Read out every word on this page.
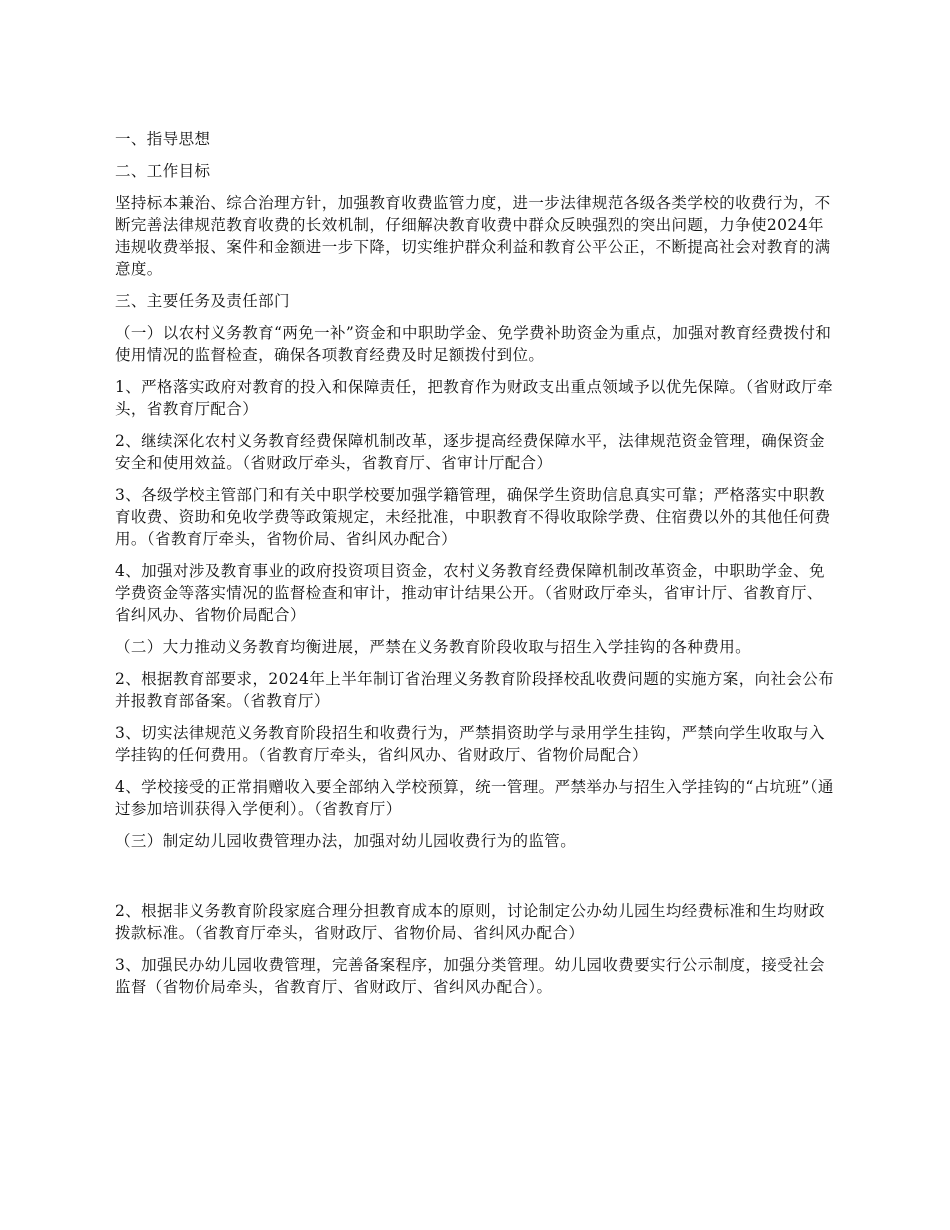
一、指导思想

二、工作目标

坚持标本兼治、综合治理方针，加强教育收费监管力度，进一步法律规范各级各类学校的收费行为，不断完善法律规范教育收费的长效机制，仔细解决教育收费中群众反映强烈的突出问题，力争使2024年违规收费举报、案件和金额进一步下降，切实维护群众利益和教育公平公正，不断提高社会对教育的满意度。

三、主要任务及责任部门

（一）以农村义务教育“两免一补”资金和中职助学金、免学费补助资金为重点，加强对教育经费拨付和使用情况的监督检查，确保各项教育经费及时足额拨付到位。

1、严格落实政府对教育的投入和保障责任，把教育作为财政支出重点领域予以优先保障。（省财政厅牵头，省教育厅配合）

2、继续深化农村义务教育经费保障机制改革，逐步提高经费保障水平，法律规范资金管理，确保资金安全和使用效益。（省财政厅牵头，省教育厅、省审计厅配合）

3、各级学校主管部门和有关中职学校要加强学籍管理，确保学生资助信息真实可靠；严格落实中职教育收费、资助和免收学费等政策规定，未经批准，中职教育不得收取除学费、住宿费以外的其他任何费用。（省教育厅牵头，省物价局、省纠风办配合）

4、加强对涉及教育事业的政府投资项目资金，农村义务教育经费保障机制改革资金，中职助学金、免学费资金等落实情况的监督检查和审计，推动审计结果公开。（省财政厅牵头，省审计厅、省教育厅、省纠风办、省物价局配合）

（二）大力推动义务教育均衡进展，严禁在义务教育阶段收取与招生入学挂钩的各种费用。

2、根据教育部要求，2024年上半年制订省治理义务教育阶段择校乱收费问题的实施方案，向社会公布并报教育部备案。（省教育厅）

3、切实法律规范义务教育阶段招生和收费行为，严禁捐资助学与录用学生挂钩，严禁向学生收取与入学挂钩的任何费用。（省教育厅牵头，省纠风办、省财政厅、省物价局配合）

4、学校接受的正常捐赠收入要全部纳入学校预算，统一管理。严禁举办与招生入学挂钩的“占坑班”（通过参加培训获得入学便利）。（省教育厅）

（三）制定幼儿园收费管理办法，加强对幼儿园收费行为的监管。

2、根据非义务教育阶段家庭合理分担教育成本的原则，讨论制定公办幼儿园生均经费标准和生均财政拨款标准。（省教育厅牵头，省财政厅、省物价局、省纠风办配合）

3、加强民办幼儿园收费管理，完善备案程序，加强分类管理。幼儿园收费要实行公示制度，接受社会监督（省物价局牵头，省教育厅、省财政厅、省纠风办配合）。
